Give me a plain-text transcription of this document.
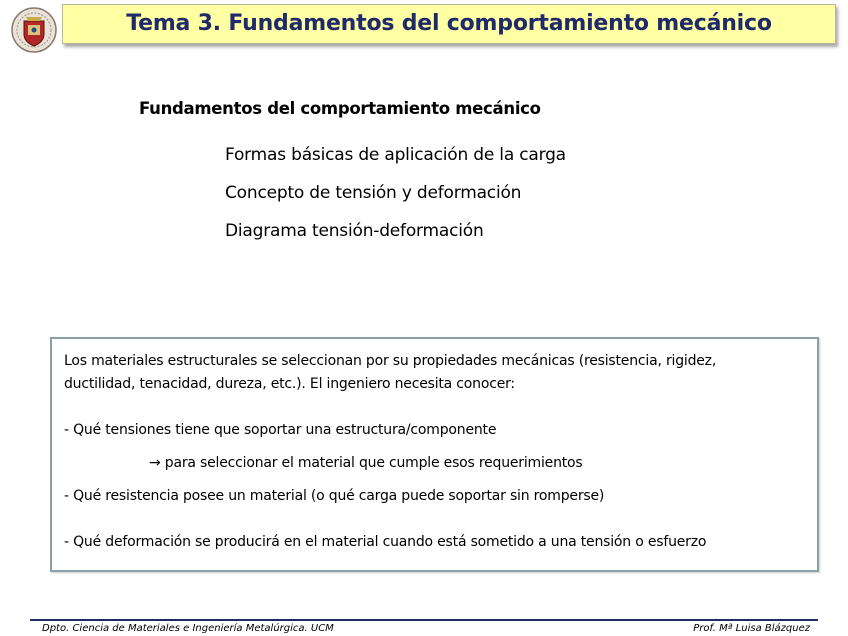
Tema 3. Fundamentos del comportamiento mecánico
Fundamentos del comportamiento mecánico
Formas básicas de aplicación de la carga
Concepto de tensión y deformación
Diagrama tensión-deformación

Los materiales estructurales se seleccionan por su propiedades mecánicas (resistencia, rigidez,

ductilidad, tenacidad, dureza, etc.). El ingeniero necesita conocer:

- Qué tensiones tiene que soportar una estructura/componente

→ para seleccionar el material que cumple esos requerimientos

- Qué resistencia posee un material (o qué carga puede soportar sin romperse)

- Qué deformación se producirá en el material cuando está sometido a una tensión o esfuerzo

Dpto. Ciencia de Materiales e Ingeniería Metalúrgica. UCM	Prof. Mª Luisa Blázquez
